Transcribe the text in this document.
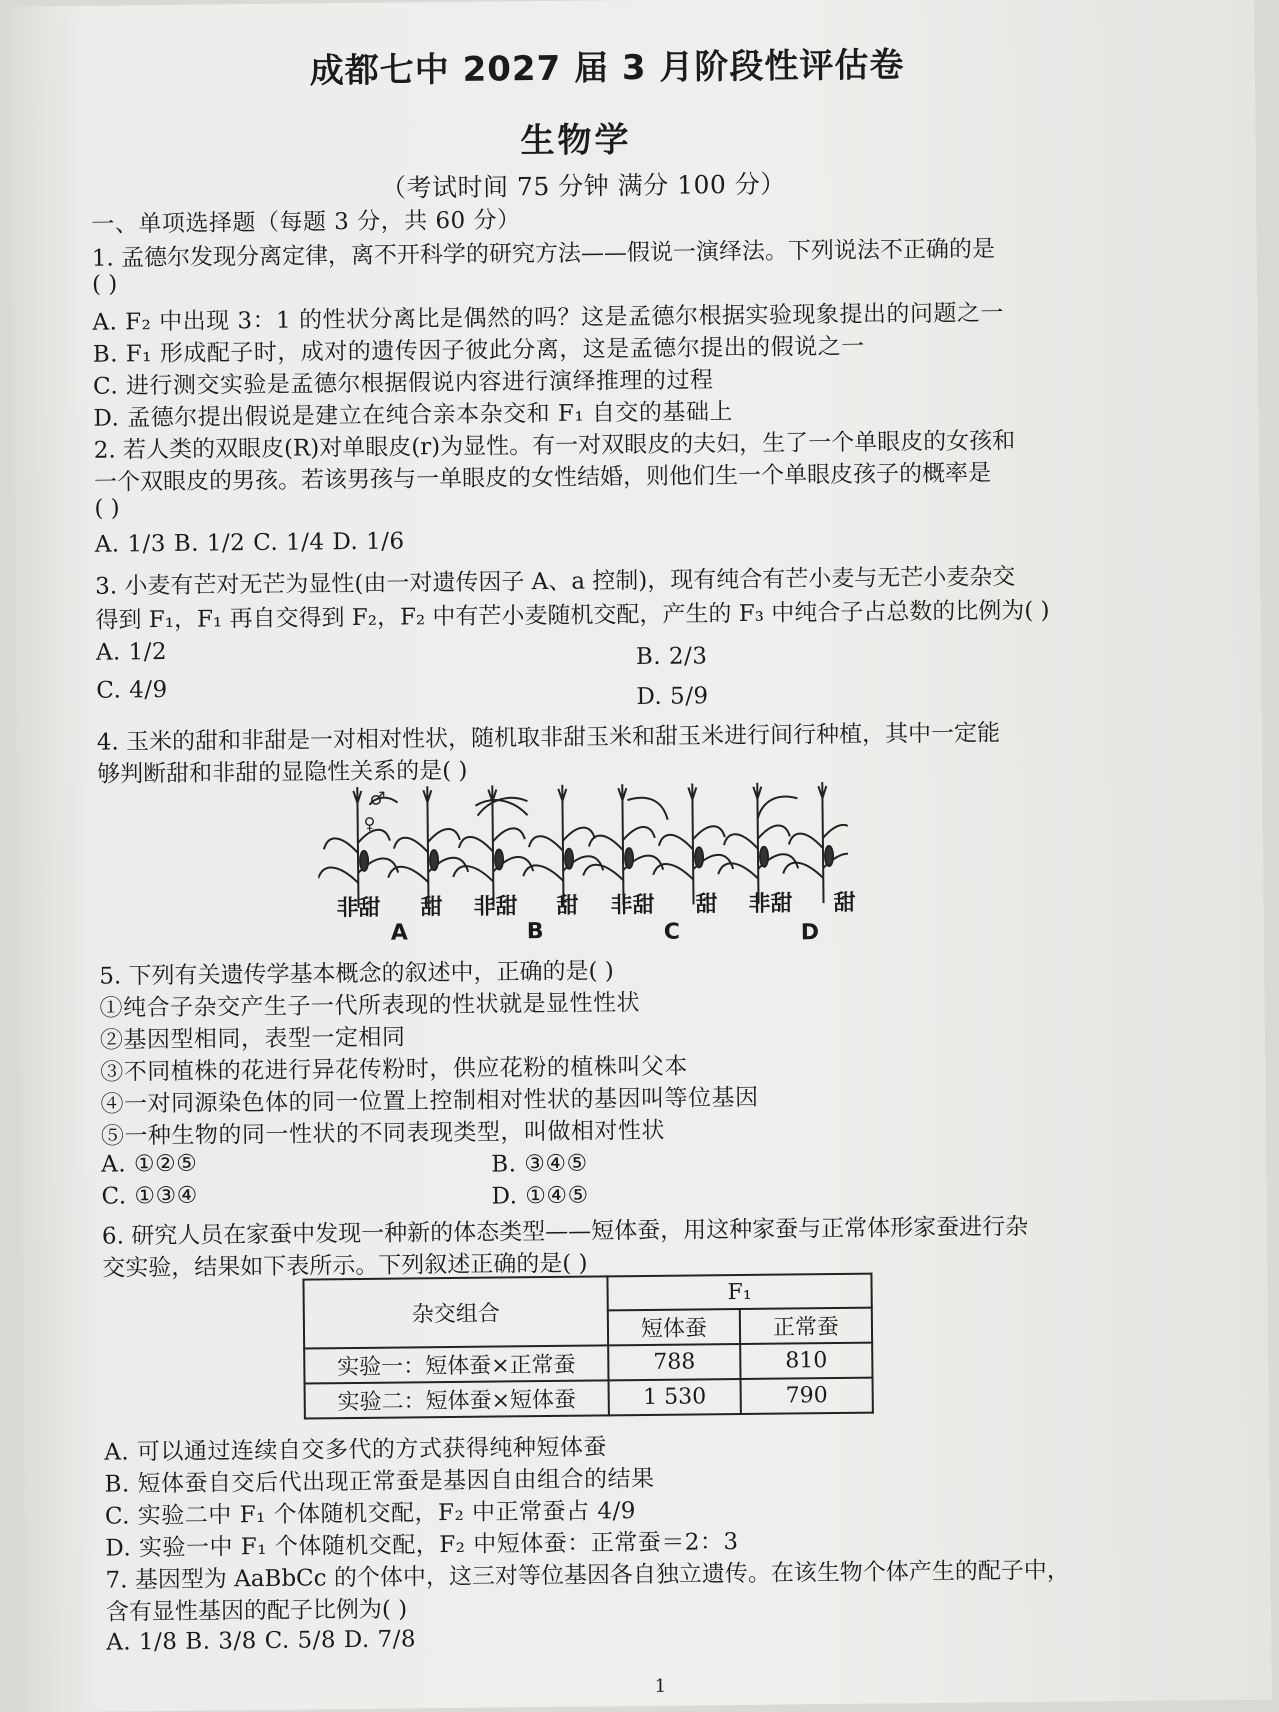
成都七中 2027 届 3 月阶段性评估卷
生物学
（考试时间 75 分钟 满分 100 分）
一、单项选择题（每题 3 分，共 60 分）
1. 孟德尔发现分离定律，离不开科学的研究方法——假说一演绎法。下列说法不正确的是
( )
A. F₂ 中出现 3：1 的性状分离比是偶然的吗？这是孟德尔根据实验现象提出的问题之一
B. F₁ 形成配子时，成对的遗传因子彼此分离，这是孟德尔提出的假说之一
C. 进行测交实验是孟德尔根据假说内容进行演绎推理的过程
D. 孟德尔提出假说是建立在纯合亲本杂交和 F₁ 自交的基础上
2. 若人类的双眼皮(R)对单眼皮(r)为显性。有一对双眼皮的夫妇，生了一个单眼皮的女孩和
一个双眼皮的男孩。若该男孩与一单眼皮的女性结婚，则他们生一个单眼皮孩子的概率是
( )
A. 1/3 B. 1/2 C. 1/4 D. 1/6
3. 小麦有芒对无芒为显性(由一对遗传因子 A、a 控制)，现有纯合有芒小麦与无芒小麦杂交
得到 F₁，F₁ 再自交得到 F₂，F₂ 中有芒小麦随机交配，产生的 F₃ 中纯合子占总数的比例为( )
A. 1/2	B. 2/3
C. 4/9	D. 5/9
4. 玉米的甜和非甜是一对相对性状，随机取非甜玉米和甜玉米进行间行种植，其中一定能
够判断甜和非甜的显隐性关系的是( )
♂
♀
非甜 甜 非甜 甜 非甜 甜 非甜 甜
A	B	C	D
5. 下列有关遗传学基本概念的叙述中，正确的是( )
①纯合子杂交产生子一代所表现的性状就是显性性状
②基因型相同，表型一定相同
③不同植株的花进行异花传粉时，供应花粉的植株叫父本
④一对同源染色体的同一位置上控制相对性状的基因叫等位基因
⑤一种生物的同一性状的不同表现类型，叫做相对性状
A. ①②⑤	B. ③④⑤
C. ①③④	D. ①④⑤
6. 研究人员在家蚕中发现一种新的体态类型——短体蚕，用这种家蚕与正常体形家蚕进行杂
交实验，结果如下表所示。下列叙述正确的是( )
杂交组合	F₁	
	短体蚕	正常蚕
实验一：短体蚕×正常蚕	788	810
实验二：短体蚕×短体蚕	1 530	790
A. 可以通过连续自交多代的方式获得纯种短体蚕
B. 短体蚕自交后代出现正常蚕是基因自由组合的结果
C. 实验二中 F₁ 个体随机交配，F₂ 中正常蚕占 4/9
D. 实验一中 F₁ 个体随机交配，F₂ 中短体蚕：正常蚕＝2：3
7. 基因型为 AaBbCc 的个体中，这三对等位基因各自独立遗传。在该生物个体产生的配子中，
含有显性基因的配子比例为( )
A. 1/8 B. 3/8 C. 5/8 D. 7/8
1
